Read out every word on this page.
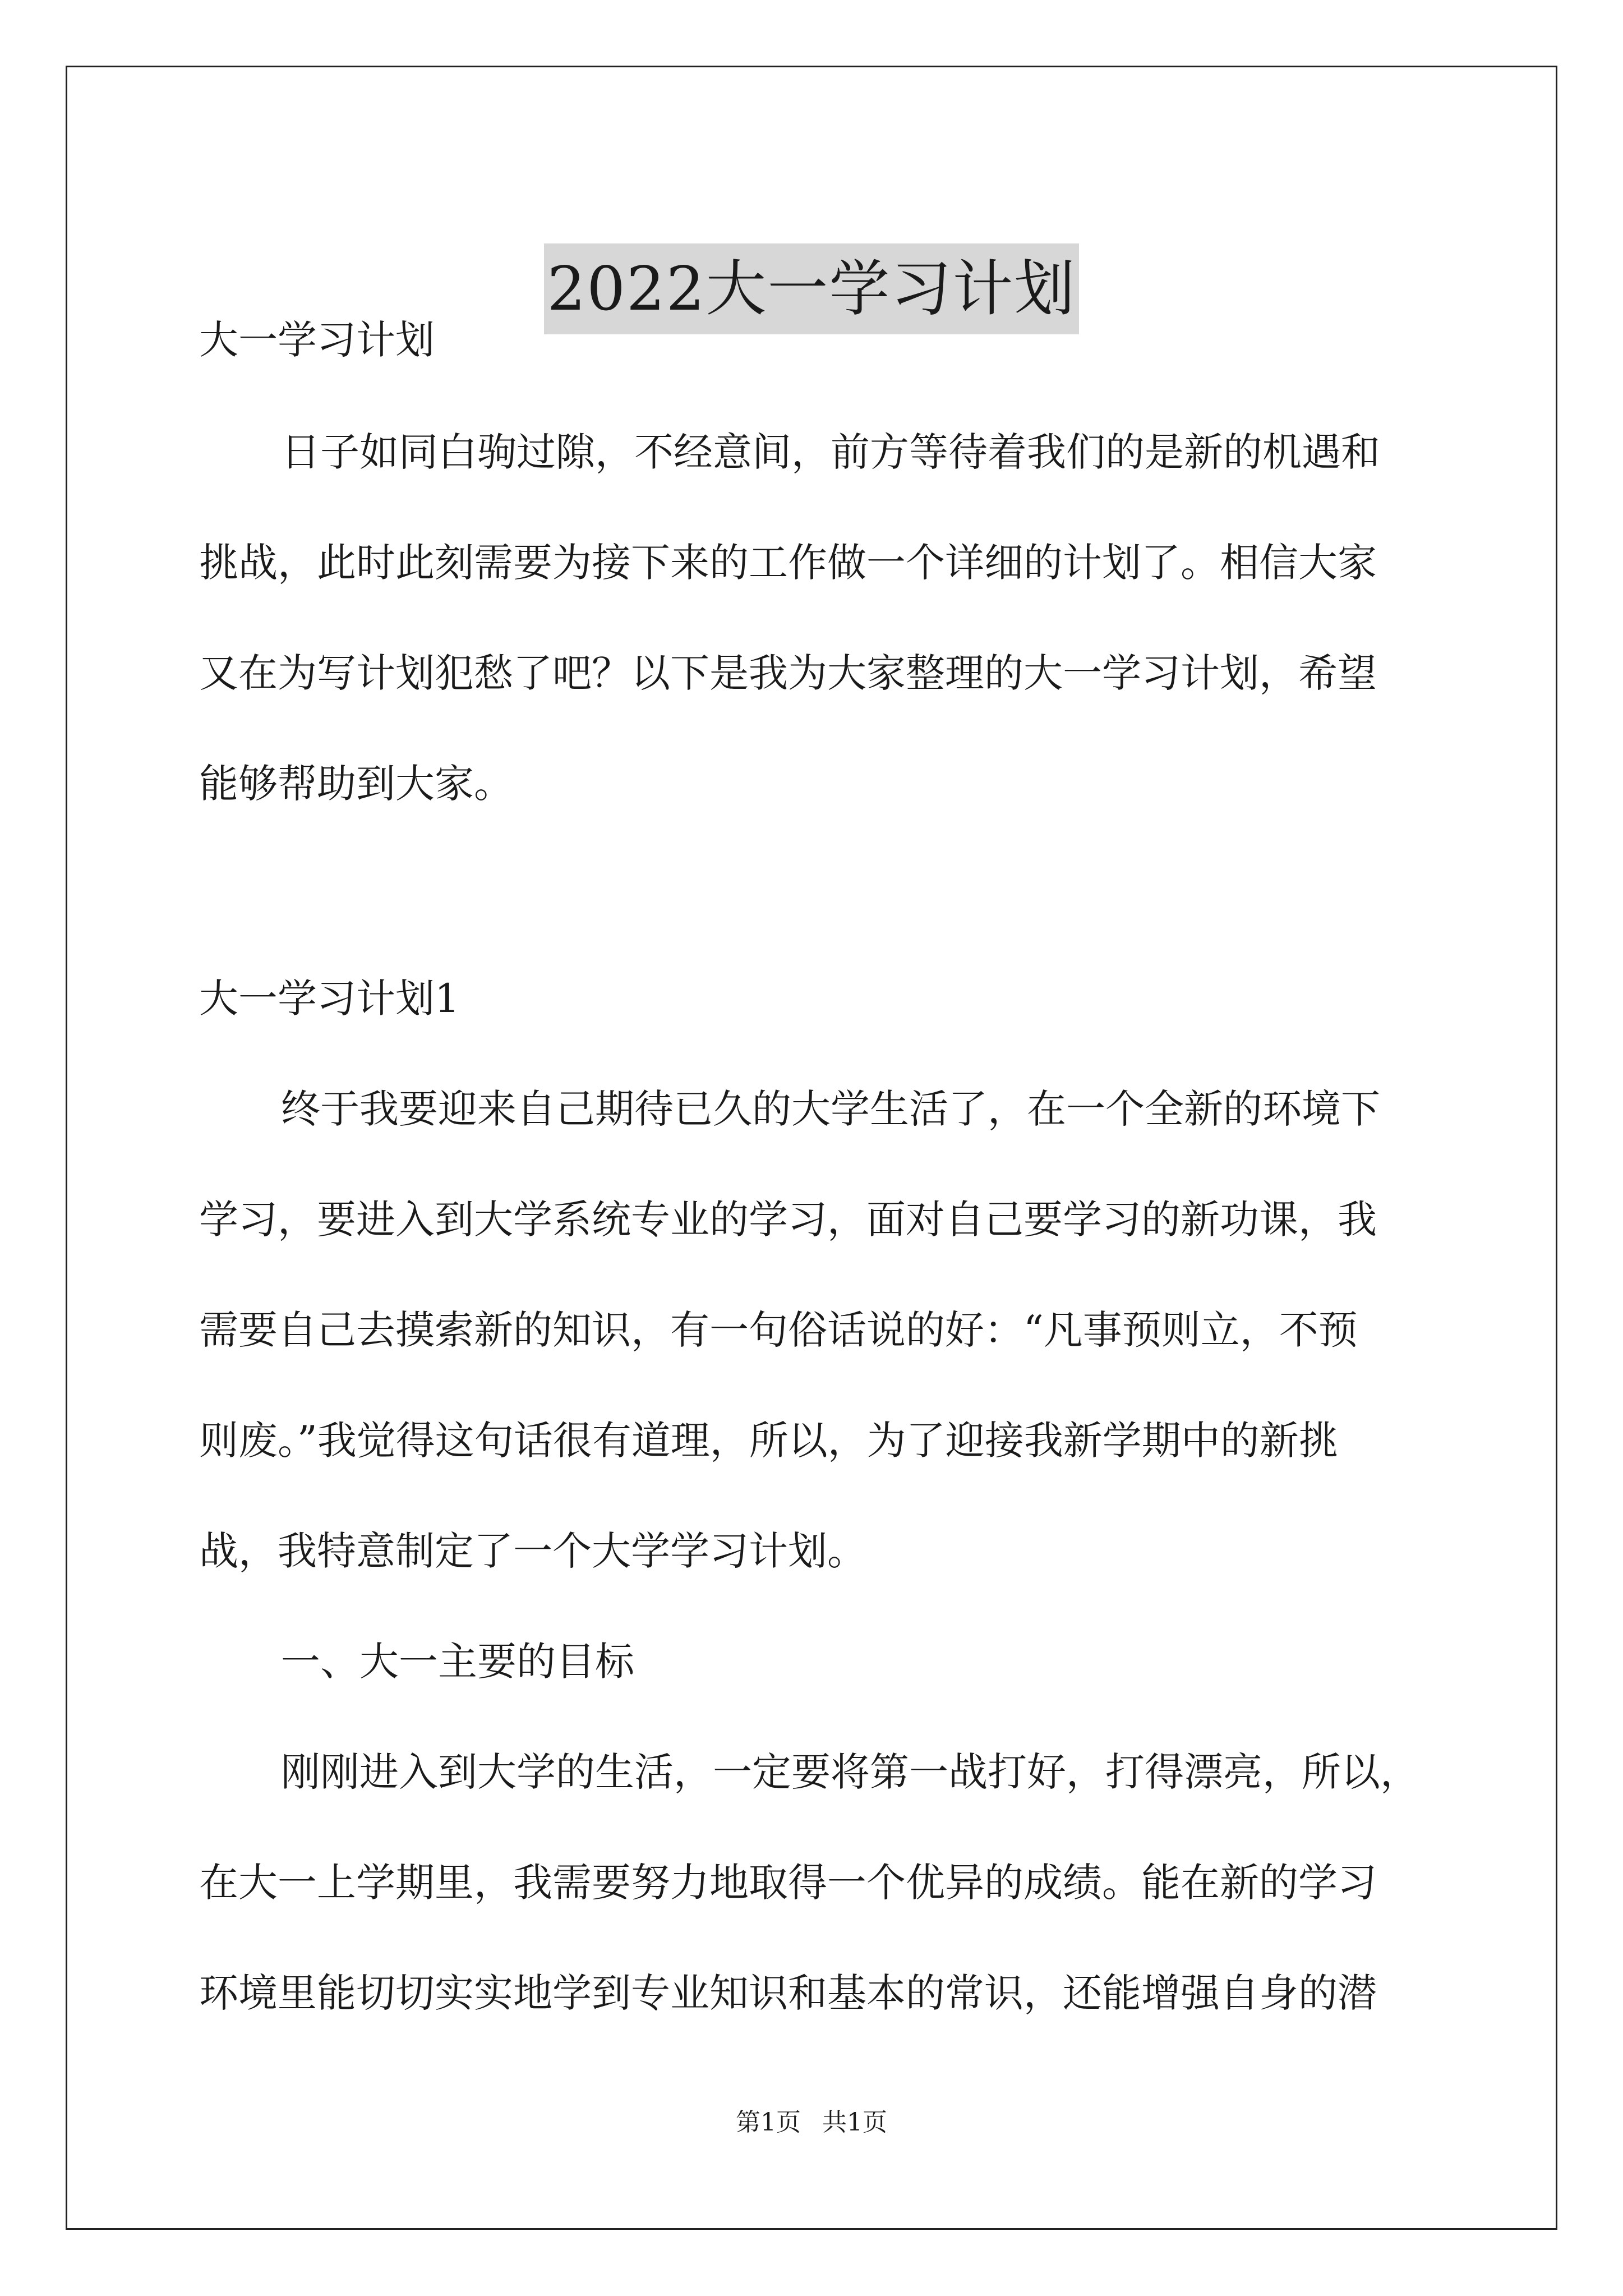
2022大一学习计划
大一学习计划
日子如同白驹过隙，不经意间，前方等待着我们的是新的机遇和
挑战，此时此刻需要为接下来的工作做一个详细的计划了。相信大家
又在为写计划犯愁了吧？以下是我为大家整理的大一学习计划，希望
能够帮助到大家。
大一学习计划1
终于我要迎来自己期待已久的大学生活了，在一个全新的环境下
学习，要进入到大学系统专业的学习，面对自己要学习的新功课，我
需要自己去摸索新的知识，有一句俗话说的好：“凡事预则立，不预
则废。”我觉得这句话很有道理，所以，为了迎接我新学期中的新挑
战，我特意制定了一个大学学习计划。
一、大一主要的目标
刚刚进入到大学的生活，一定要将第一战打好，打得漂亮，所以，
在大一上学期里，我需要努力地取得一个优异的成绩。能在新的学习
环境里能切切实实地学到专业知识和基本的常识，还能增强自身的潜
第1页 共1页
